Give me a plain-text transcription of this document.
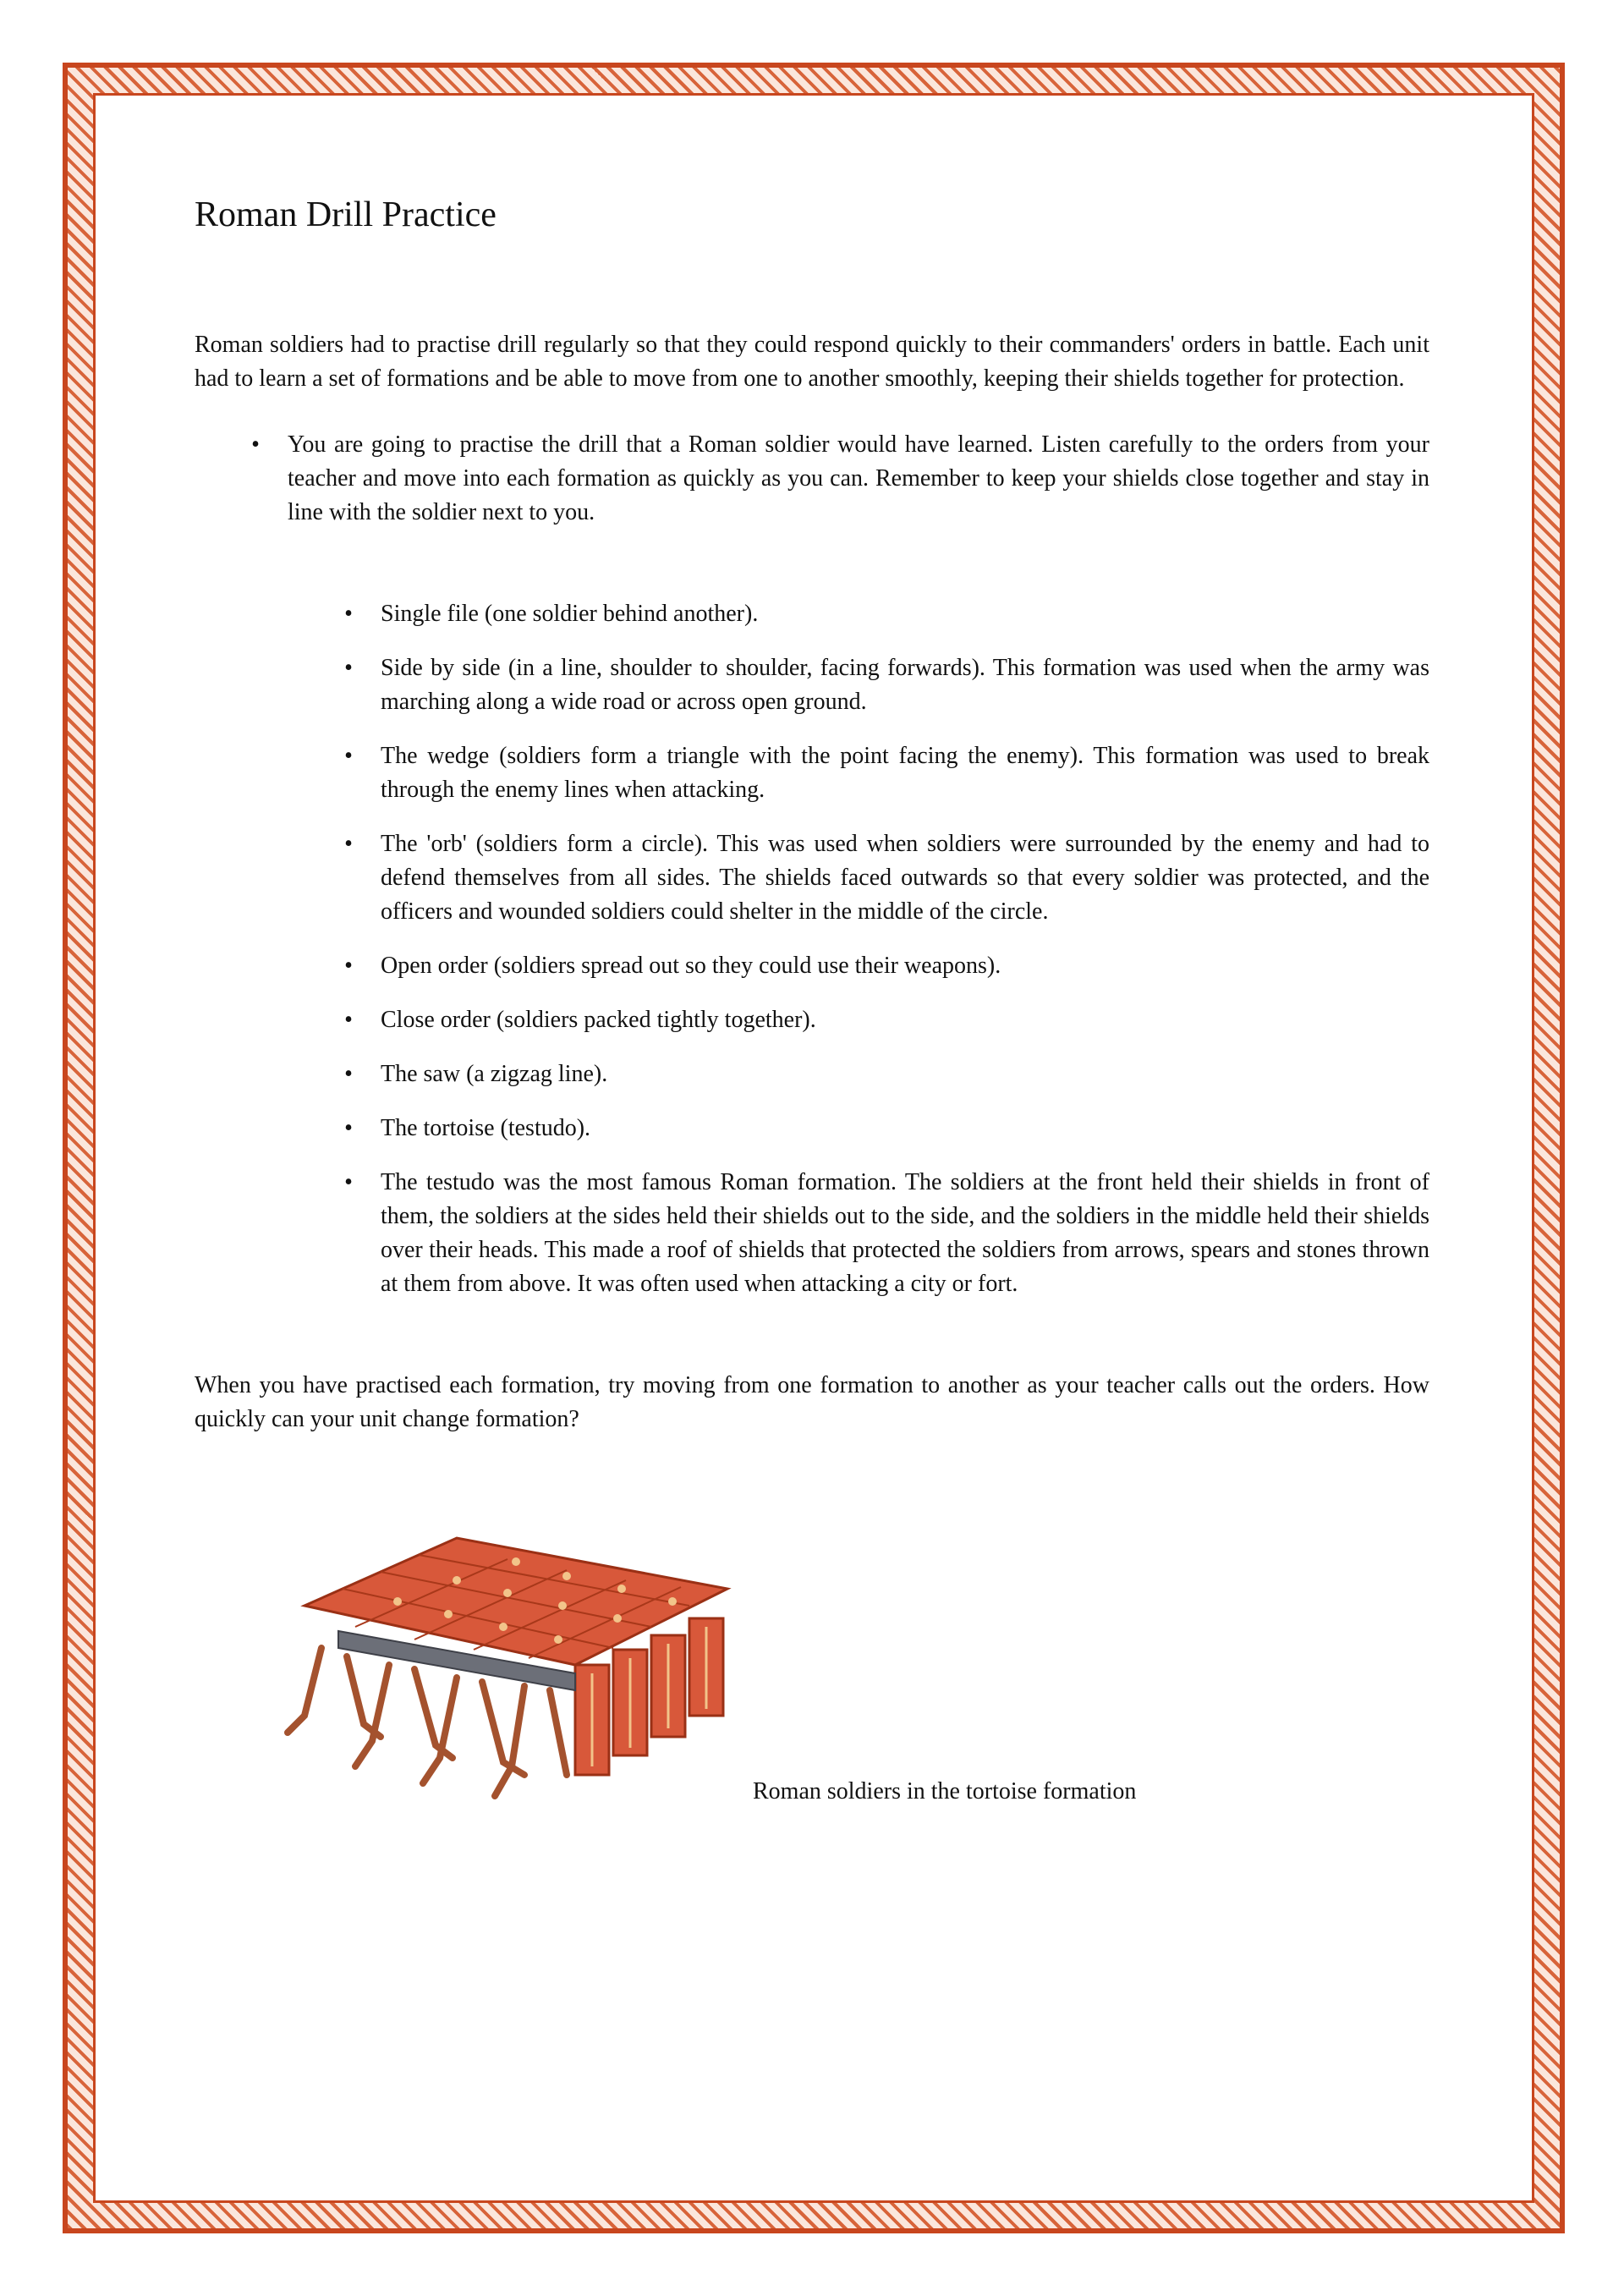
Roman Drill Practice

Roman soldiers had to practise drill regularly so that they could respond quickly to their commanders' orders in battle. Each unit had to learn a set of formations and be able to move from one to another smoothly, keeping their shields together for protection.

• You are going to practise the drill that a Roman soldier would have learned. Listen carefully to the orders from your teacher and move into each formation as quickly as you can. Remember to keep your shields close together and stay in line with the soldier next to you.
• Single file (one soldier behind another).
• Side by side (in a line, shoulder to shoulder, facing forwards). This formation was used when the army was marching along a wide road or across open ground.
• The wedge (soldiers form a triangle with the point facing the enemy). This formation was used to break through the enemy lines when attacking.
• The 'orb' (soldiers form a circle). This was used when soldiers were surrounded by the enemy and had to defend themselves from all sides. The shields faced outwards so that every soldier was protected, and the officers and wounded soldiers could shelter in the middle of the circle.
• Open order (soldiers spread out so they could use their weapons).
• Close order (soldiers packed tightly together).
• The saw (a zigzag line).
• The tortoise (testudo).
• The testudo was the most famous Roman formation. The soldiers at the front held their shields in front of them, the soldiers at the sides held their shields out to the side, and the soldiers in the middle held their shields over their heads. This made a roof of shields that protected the soldiers from arrows, spears and stones thrown at them from above. It was often used when attacking a city or fort.

When you have practised each formation, try moving from one formation to another as your teacher calls out the orders. How quickly can your unit change formation?

Roman soldiers in the tortoise formation
